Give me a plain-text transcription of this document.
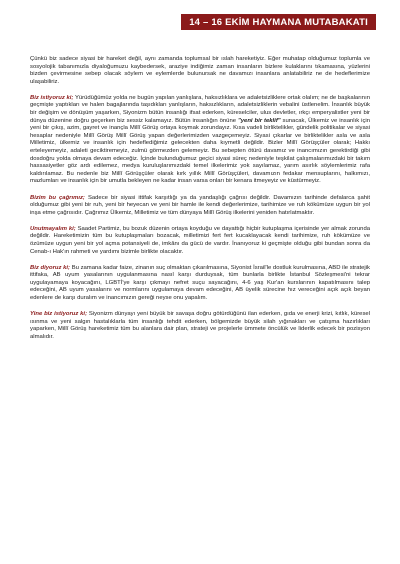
14 – 16 EKİM HAYMANA MUTABAKATI

Çünkü biz sadece siyasi bir hareket değil, aynı zamanda toplumsal bir ıslah hareketiyiz. Eğer muhatap olduğumuz toplumla ve sosyolojik tabanımızla diyaloğumuzu kaybedersek, araziye indiğimiz zaman insanların bizlere kulaklarını tıkamasına, yüzlerini bizden çevirmesine sebep olacak söylem ve eylemlerde bulunursak ne davamızı insanlara anlatabiliriz ne de hedeflerimize ulaşabiliriz.

Biz istiyoruz ki; Yürüdüğümüz yolda ne bugün yapılan yanlışlara, haksızlıklara ve adaletsizliklere ortak olalım; ne de başkalarının geçmişte yaptıkları ve halen bagajlarında taşıdıkları yanlışların, haksızlıkların, adaletsizliklerin vebalini üstlenelim. İnsanlık büyük bir değişim ve dönüşüm yaşarken, Siyonizm bütün insanlığı ifsat ederken, küreselciler, ulus devletler, ırkçı emperyalistler yeni bir dünya düzenine doğru geçerken biz sessiz kalamayız. Bütün insanlığın önüne "yeni bir teklif" sunacak, Ülkemiz ve insanlık için yeni bir çıkış, azim, gayret ve inançla Millî Görüş ortaya koymak zorundayız. Kısa vadeli birliktelikler, gündelik politikalar ve siyasi hesaplar nedeniyle Millî Görüş Millî Görüş yapan değerlerimizden vazgeçemeyiz. Siyasi çıkarlar ve birliktelikler asla ve asla Milletimiz, ülkemiz ve insanlık için hedeflediğimiz gelecekten daha kıymetli değildir. Bizler Millî Görüşçüler olarak; Hakkı erteleyemeyiz, adaleti geciktiremeyiz, zulmü görmezden gelemeyiz. Bu sebepten ötürü davamız ve inancımızın gerektirdiği gibi dosdoğru yolda olmaya devam edeceğiz. İçinde bulunduğumuz geçici siyasi süreç nedeniyle teşkilat çalışmalarımızdaki bir takım hassasiyetler göz ardı edilemez, medya kuruluşlarımızdaki temel ilkelerimiz yok sayılamaz, yarım asırlık söylemlerimiz rafa kaldırılamaz. Bu nedenle biz Millî Görüşçüler olarak kırk yıllık Millî Görüşçüleri, davamızın fedakar mensuplarını, halkımızı, mazlumları ve insanlık için bir umutla bekleyen ne kadar insan varsa onları bir kenara itmeyeyiz ve küstürmeyiz.

Bizim bu çağrımız; Sadece bir siyasi ittifak karşıtlığı ya da yandaşlığı çağrısı değildir. Davamızın tarihinde defalarca şahit olduğumuz gibi yeni bir ruh, yeni bir heyecan ve yeni bir hamle ile kendi değerlerimize, tarihimize ve ruh kökümüze uygun bir yol inşa etme çağrısıdır. Çağrımız Ülkemiz, Milletimiz ve tüm dünyaya Millî Görüş ilkelerini yeniden hatırlatmaktır.

Unutmayalım ki; Saadet Partimiz, bu bozuk düzenin ortaya koyduğu ve dayattığı hiçbir kutuplaşma içerisinde yer almak zorunda değildir. Hareketimizin tüm bu kutuplaşmaları bozacak, milletimizi fert fert kucaklayacak kendi tarihimize, ruh kökümüze ve özümüze uygun yeni bir yol açma potansiyeli de, imkânı da gücü de vardır. İnanıyoruz ki geçmişte olduğu gibi bundan sonra da Cenab-ı Hak'ın rahmeti ve yardımı bizimle birlikte olacaktır.

Biz diyoruz ki; Bu zamana kadar faize, zinanın suç olmaktan çıkarılmasına, Siyonist İsrail'le dostluk kurulmasına, ABD ile stratejik ittifaka, AB uyum yasalarının uygulanmasına nasıl karşı durduysak, tüm bunlarla birlikte İstanbul Sözleşmesi'ni tekrar uygulayamaya koyacağını, LGBTİ'ye karşı çıkmayı nefret suçu sayacağını, 4-6 yaş Kur'an kurslarının kapatılmasını talep edeceğini, AB uyum yasalarını ve normlarını uygulamaya devam edeceğini, AB üyelik sürecine hız vereceğini açık açık beyan edenlere de karşı duralım ve inancımızın gereği neyse onu yapalım.

Yine biz istiyoruz ki; Siyonizm dünyayı yeni büyük bir savaşa doğru götürdüğünü ilan ederken, gıda ve enerji krizi, kıtlık, küresel ısınma ve yeni salgın hastalıklarla tüm insanlığı tehdit ederken, bölgemizde büyük silah yığınakları ve çatışma hazırlıkları yaparken, Millî Görüş hareketimiz tüm bu alanlara dair plan, strateji ve projelerle ümmete öncülük ve liderlik edecek bir pozisyon almalıdır.
